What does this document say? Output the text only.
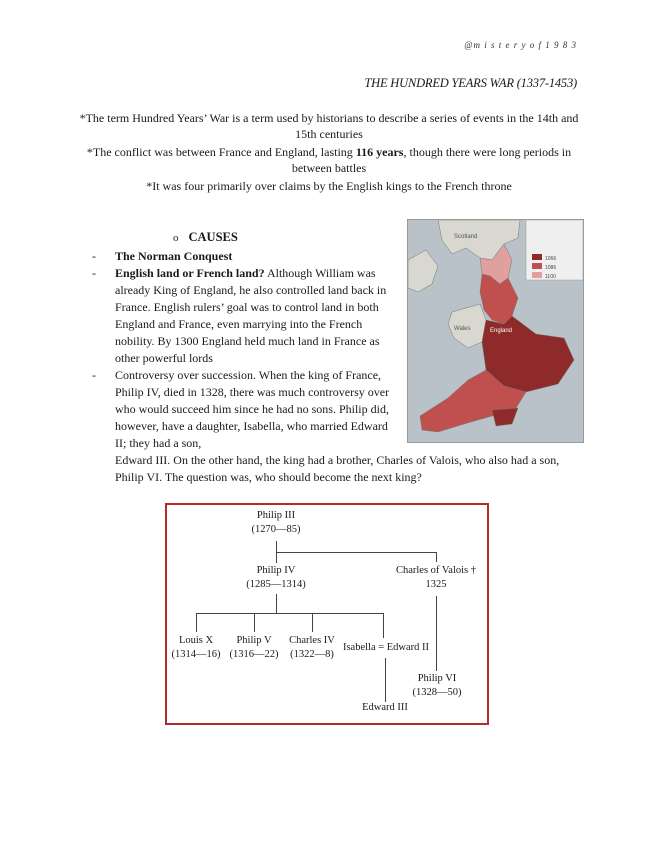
@m i s t e r y o f 1 9 8 3
THE HUNDRED YEARS WAR (1337-1453)

*The term Hundred Years’ War is a term used by historians to describe a series of events in the 14th and 15th centuries

*The conflict was between France and England, lasting 116 years, though there were long periods in between battles

*It was four primarily over claims by the English kings to the French throne

o CAUSES
- The Norman Conquest
- English land or French land? Although William was already King of England, he also controlled land back in France. English rulers’ goal was to control land in both England and France, even marrying into the French nobility. By 1300 England held much land in France as other powerful lords
- Controversy over succession. When the king of France, Philip IV, died in 1328, there was much controversy over who would succeed him since he had no sons. Philip did, however, have a daughter, Isabella, who married Edward II; they had a son,
Edward III. On the other hand, the king had a brother, Charles of Valois, who also had a son, Philip VI. The question was, who should become the next king?
1066
1086
1100
Scotland
England
Wales
Philip III
(1270—85)
Philip IV
(1285—1314)
Charles of Valois †
1325
Louis X
(1314—16)
Philip V
(1316—22)
Charles IV
(1322—8)
Isabella = Edward II
Philip VI
(1328—50)
Edward III
